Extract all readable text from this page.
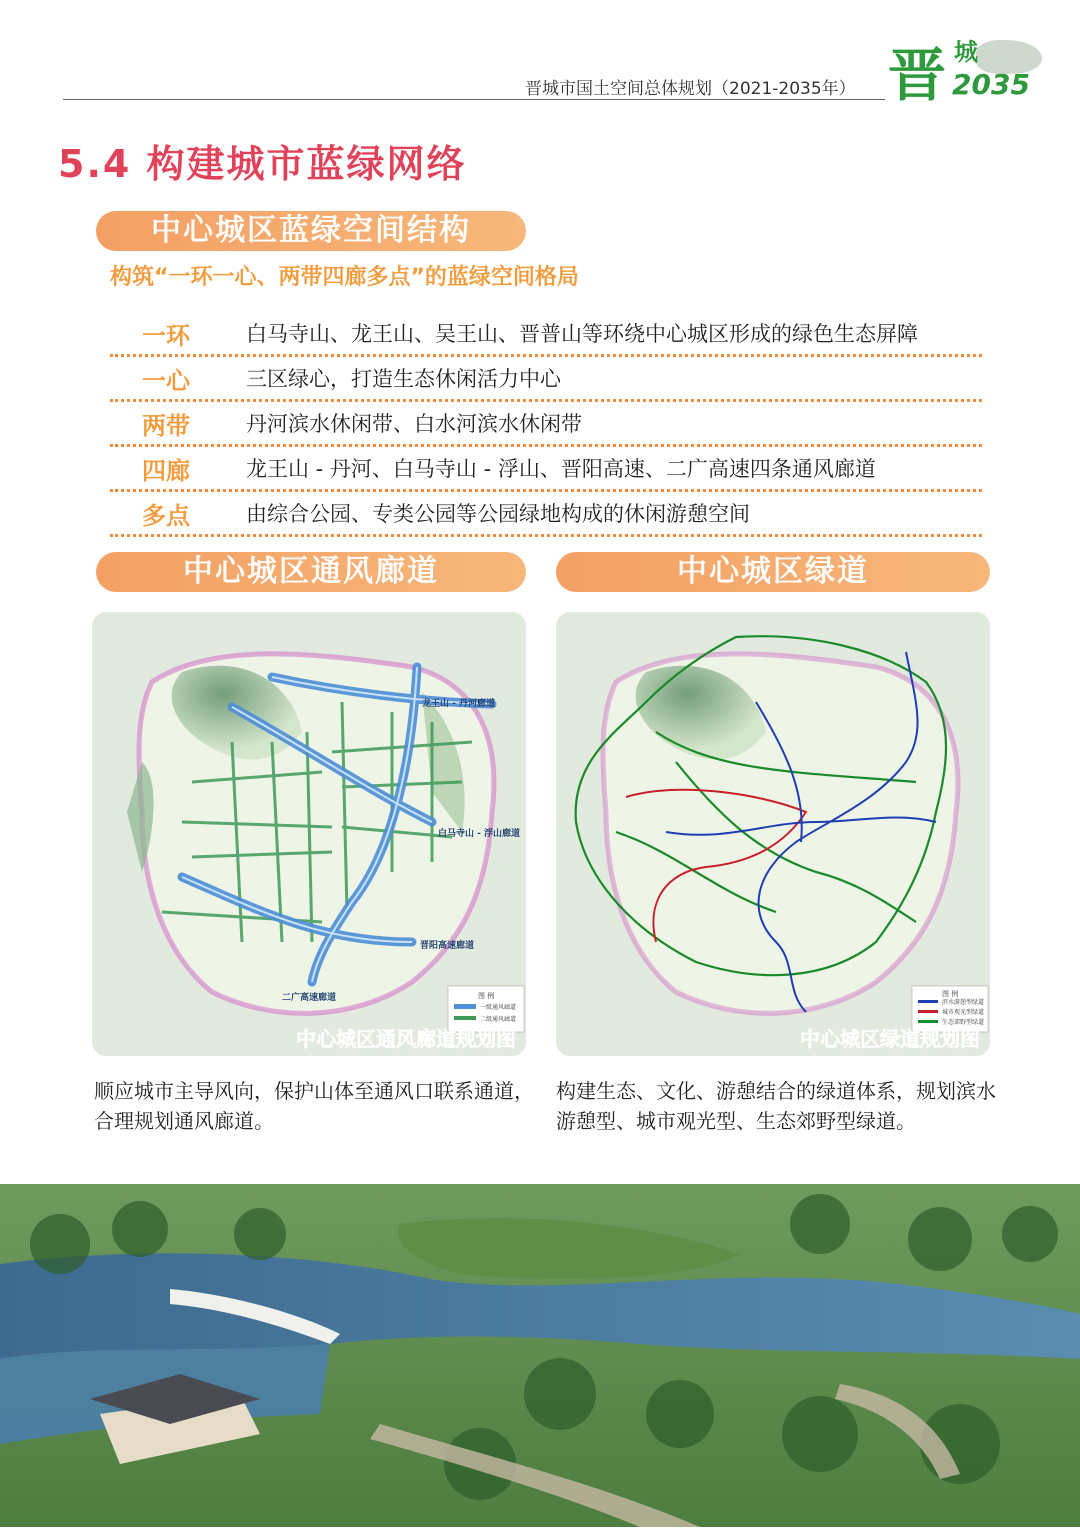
晋城市国土空间总体规划（2021-2035年） 晋 城
2035
5.4 构建城市蓝绿网络
中心城区蓝绿空间结构
构筑“一环一心、两带四廊多点”的蓝绿空间格局
一环	白马寺山、龙王山、吴王山、晋普山等环绕中心城区形成的绿色生态屏障
一心	三区绿心，打造生态休闲活力中心
两带	丹河滨水休闲带、白水河滨水休闲带
四廊	龙王山 - 丹河、白马寺山 - 浮山、晋阳高速、二广高速四条通风廊道
多点	由综合公园、专类公园等公园绿地构成的休闲游憩空间
中心城区通风廊道	中心城区绿道
龙王山 - 丹河廊道
白马寺山 - 浮山廊道
晋阳高速廊道
二广高速廊道	图 例
一级通风廊道
二级通风廊道
中心城区通风廊道规划图
图 例
滨水游憩型绿道
城市观光型绿道
生态郊野型绿道
中心城区绿道规划图
顺应城市主导风向，保护山体至通风口联系通道，合理规划通风廊道。
构建生态、文化、游憩结合的绿道体系，规划滨水游憩型、城市观光型、生态郊野型绿道。
